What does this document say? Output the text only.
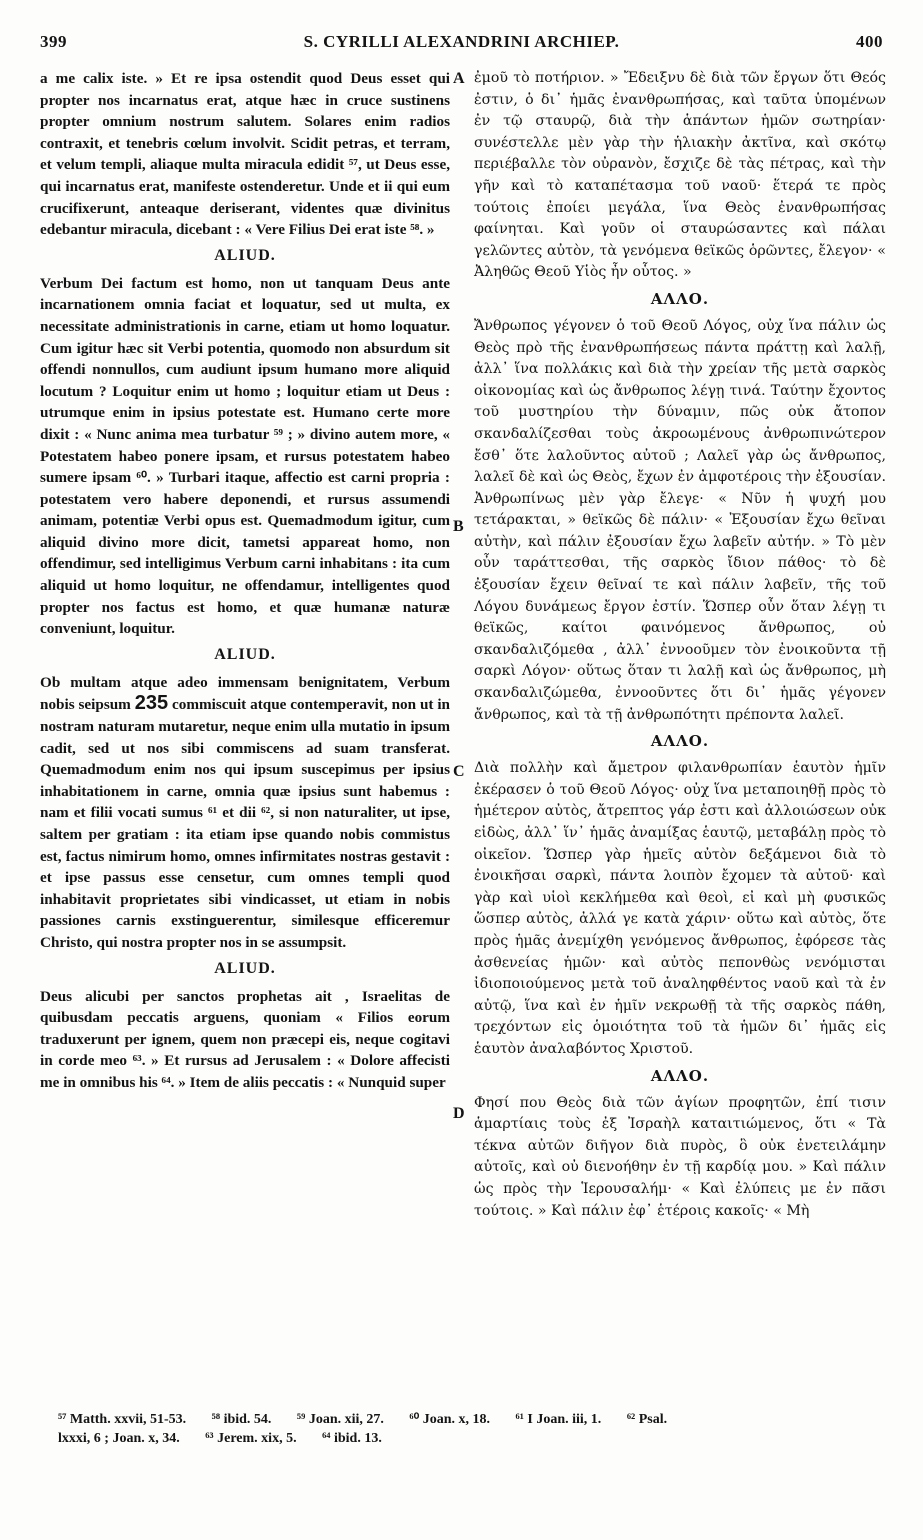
399	S. CYRILLI ALEXANDRINI ARCHIEP.	400
A
B
C
D

a me calix iste. » Et re ipsa ostendit quod Deus esset qui propter nos incarnatus erat, atque hæc in cruce sustinens propter omnium nostrum salutem. Solares enim radios contraxit, et tenebris cœlum involvit. Scidit petras, et terram, et velum templi, aliaque multa miracula edidit ⁵⁷, ut Deus esse, qui incarnatus erat, manifeste ostenderetur. Unde et ii qui eum crucifixerunt, anteaque deriserant, videntes quæ divinitus edebantur miracula, dicebant : « Vere Filius Dei erat iste ⁵⁸. »

ALIUD.

Verbum Dei factum est homo, non ut tanquam Deus ante incarnationem omnia faciat et loquatur, sed ut multa, ex necessitate administrationis in carne, etiam ut homo loquatur. Cum igitur hæc sit Verbi potentia, quomodo non absurdum sit offendi nonnullos, cum audiunt ipsum humano more aliquid locutum ? Loquitur enim ut homo ; loquitur etiam ut Deus : utrumque enim in ipsius potestate est. Humano certe more dixit : « Nunc anima mea turbatur ⁵⁹ ; » divino autem more, « Potestatem habeo ponere ipsam, et rursus potestatem habeo sumere ipsam ⁶⁰. » Turbari itaque, affectio est carni propria : potestatem vero habere deponendi, et rursus assumendi animam, potentiæ Verbi opus est. Quemadmodum igitur, cum aliquid divino more dicit, tametsi appareat homo, non offendimur, sed intelligimus Verbum carni inhabitans : ita cum aliquid ut homo loquitur, ne offendamur, intelligentes quod propter nos factus est homo, et quæ humanæ naturæ conveniunt, loquitur.

ALIUD.

Ob multam atque adeo immensam benignitatem, Verbum nobis seipsum 235 commiscuit atque contemperavit, non ut in nostram naturam mutaretur, neque enim ulla mutatio in ipsum cadit, sed ut nos sibi commiscens ad suam transferat. Quemadmodum enim nos qui ipsum suscepimus per ipsius inhabitationem in carne, omnia quæ ipsius sunt habemus : nam et filii vocati sumus ⁶¹ et dii ⁶², si non naturaliter, ut ipse, saltem per gratiam : ita etiam ipse quando nobis commistus est, factus nimirum homo, omnes infirmitates nostras gestavit : et ipse passus esse censetur, cum omnes templi quod inhabitavit proprietates sibi vindicasset, ut etiam in nobis passiones carnis exstinguerentur, similesque efficeremur Christo, qui nostra propter nos in se assumpsit.

ALIUD.

Deus alicubi per sanctos prophetas ait , Israelitas de quibusdam peccatis arguens, quoniam « Filios eorum traduxerunt per ignem, quem non præcepi eis, neque cogitavi in corde meo ⁶³. » Et rursus ad Jerusalem : « Dolore affecisti me in omnibus his ⁶⁴. » Item de aliis peccatis : « Nunquid super

ἐμοῦ τὸ ποτήριον. » Ἔδειξνυ δὲ διὰ τῶν ἔργων ὅτι Θεός ἐστιν, ὁ δι᾽ ἡμᾶς ἐνανθρωπήσας, καὶ ταῦτα ὑπομένων ἐν τῷ σταυρῷ, διὰ τὴν ἁπάντων ἡμῶν σωτηρίαν· συνέστελλε μὲν γὰρ τὴν ἡλιακὴν ἀκτῖνα, καὶ σκότῳ περιέβαλλε τὸν οὐρανὸν, ἔσχιζε δὲ τὰς πέτρας, καὶ τὴν γῆν καὶ τὸ καταπέτασμα τοῦ ναοῦ· ἕτερά τε πρὸς τούτοις ἐποίει μεγάλα, ἵνα Θεὸς ἐνανθρωπήσας φαίνηται. Καὶ γοῦν οἱ σταυρώσαντες καὶ πάλαι γελῶντες αὐτὸν, τὰ γενόμενα θεϊκῶς ὁρῶντες, ἔλεγον· « Ἀληθῶς Θεοῦ Υἱὸς ἦν οὗτος. »

ΑΛΛΟ.

Ἄνθρωπος γέγονεν ὁ τοῦ Θεοῦ Λόγος, οὐχ ἵνα πάλιν ὡς Θεὸς πρὸ τῆς ἐνανθρωπήσεως πάντα πράττῃ καὶ λαλῇ, ἀλλ᾽ ἵνα πολλάκις καὶ διὰ τὴν χρείαν τῆς μετὰ σαρκὸς οἰκονομίας καὶ ὡς ἄνθρωπος λέγῃ τινά. Ταύτην ἔχοντος τοῦ μυστηρίου τὴν δύναμιν, πῶς οὐκ ἄτοπον σκανδαλίζεσθαι τοὺς ἀκροωμένους ἀνθρωπινώτερον ἔσθ᾽ ὅτε λαλοῦντος αὐτοῦ ; Λαλεῖ γὰρ ὡς ἄνθρωπος, λαλεῖ δὲ καὶ ὡς Θεὸς, ἔχων ἐν ἀμφοτέροις τὴν ἐξουσίαν. Ἀνθρωπίνως μὲν γὰρ ἔλεγε· « Νῦν ἡ ψυχή μου τετάρακται, » θεϊκῶς δὲ πάλιν· « Ἐξουσίαν ἔχω θεῖναι αὐτὴν, καὶ πάλιν ἐξουσίαν ἔχω λαβεῖν αὐτήν. » Τὸ μὲν οὖν ταράττεσθαι, τῆς σαρκὸς ἴδιον πάθος· τὸ δὲ ἐξουσίαν ἔχειν θεῖναί τε καὶ πάλιν λαβεῖν, τῆς τοῦ Λόγου δυνάμεως ἔργον ἐστίν. Ὥσπερ οὖν ὅταν λέγῃ τι θεϊκῶς, καίτοι φαινόμενος ἄνθρωπος, οὐ σκανδαλιζόμεθα , ἀλλ᾽ ἐννοοῦμεν τὸν ἐνοικοῦντα τῇ σαρκὶ Λόγον· οὕτως ὅταν τι λαλῇ καὶ ὡς ἄνθρωπος, μὴ σκανδαλιζώμεθα, ἐννοοῦντες ὅτι δι᾽ ἡμᾶς γέγονεν ἄνθρωπος, καὶ τὰ τῇ ἀνθρωπότητι πρέποντα λαλεῖ.

ΑΛΛΟ.

Διὰ πολλὴν καὶ ἄμετρον φιλανθρωπίαν ἑαυτὸν ἡμῖν ἐκέρασεν ὁ τοῦ Θεοῦ Λόγος· οὐχ ἵνα μεταποιηθῇ πρὸς τὸ ἡμέτερον αὐτὸς, ἄτρεπτος γάρ ἐστι καὶ ἀλλοιώσεων οὐκ εἰδὼς, ἀλλ᾽ ἵν᾽ ἡμᾶς ἀναμίξας ἑαυτῷ, μεταβάλῃ πρὸς τὸ οἰκεῖον. Ὥσπερ γὰρ ἡμεῖς αὐτὸν δεξάμενοι διὰ τὸ ἐνοικῆσαι σαρκὶ, πάντα λοιπὸν ἔχομεν τὰ αὐτοῦ· καὶ γὰρ καὶ υἱοὶ κεκλήμεθα καὶ θεοὶ, εἰ καὶ μὴ φυσικῶς ὥσπερ αὐτὸς, ἀλλά γε κατὰ χάριν· οὕτω καὶ αὐτὸς, ὅτε πρὸς ἡμᾶς ἀνεμίχθη γενόμενος ἄνθρωπος, ἐφόρεσε τὰς ἀσθενείας ἡμῶν· καὶ αὐτὸς πεπονθὼς νενόμισται ἰδιοποιούμενος μετὰ τοῦ ἀναληφθέντος ναοῦ καὶ τὰ ἐν αὐτῷ, ἵνα καὶ ἐν ἡμῖν νεκρωθῇ τὰ τῆς σαρκὸς πάθη, τρεχόντων εἰς ὁμοιότητα τοῦ τὰ ἡμῶν δι᾽ ἡμᾶς εἰς ἑαυτὸν ἀναλαβόντος Χριστοῦ.

ΑΛΛΟ.

Φησί που Θεὸς διὰ τῶν ἁγίων προφητῶν, ἐπί τισιν ἁμαρτίαις τοὺς ἐξ Ἰσραὴλ καταιτιώμενος, ὅτι « Τὰ τέκνα αὐτῶν διῆγον διὰ πυρὸς, ὃ οὐκ ἐνετειλάμην αὐτοῖς, καὶ οὐ διενοήθην ἐν τῇ καρδίᾳ μου. » Καὶ πάλιν ὡς πρὸς τὴν Ἱερουσαλήμ· « Καὶ ἐλύπεις με ἐν πᾶσι τούτοις. » Καὶ πάλιν ἐφ᾽ ἑτέροις κακοῖς· « Μὴ

⁵⁷ Matth. xxvii, 51-53. ⁵⁸ ibid. 54. ⁵⁹ Joan. xii, 27. ⁶⁰ Joan. x, 18. ⁶¹ I Joan. iii, 1. ⁶² Psal.
lxxxi, 6 ; Joan. x, 34. ⁶³ Jerem. xix, 5. ⁶⁴ ibid. 13.
